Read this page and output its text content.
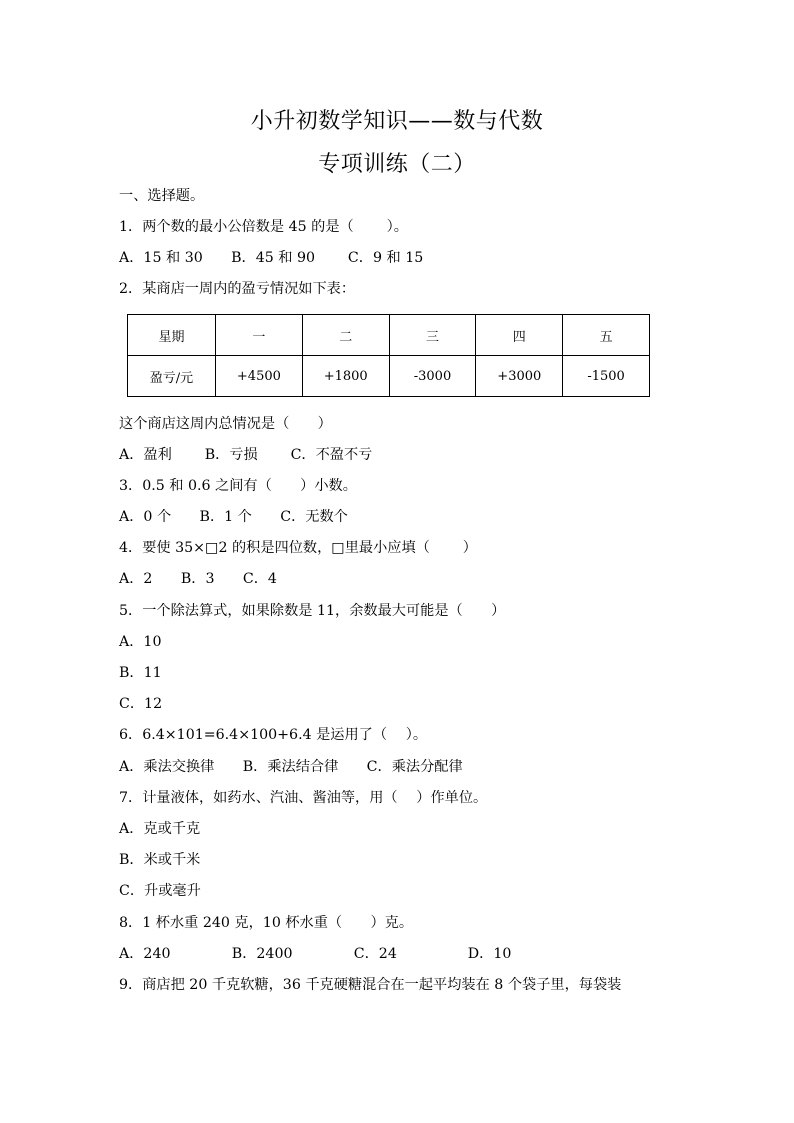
小升初数学知识——数与代数
专项训练（二）
一、选择题。
1．两个数的最小公倍数是 45 的是（　　 ）。
A．15 和 30　　B．45 和 90　　 C．9 和 15
2．某商店一周内的盈亏情况如下表：
星期	一	二	三	四	五
盈亏/元	+4500	+1800	-3000	+3000	-1500
这个商店这周内总情况是（　　）
A．盈利　　 B．亏损　　 C．不盈不亏
3．0.5 和 0.6 之间有（　　）小数。
A．0 个　　B．1 个　　C．无数个
4．要使 35×□2 的积是四位数，□里最小应填（　　 ）
A．2　　B．3　　C．4
5．一个除法算式，如果除数是 11，余数最大可能是（　　）
A．10
B．11
C．12
6．6.4×101=6.4×100+6.4 是运用了（　 ）。
A．乘法交换律　　B．乘法结合律　　C．乘法分配律
7．计量液体，如药水、汽油、酱油等，用（　 ）作单位。
A．克或千克
B．米或千米
C．升或毫升
8．1 杯水重 240 克，10 杯水重（　　）克。
A．240　　　　 B．2400　　　　 C．24　　　　　D．10
9．商店把 20 千克软糖，36 千克硬糖混合在一起平均装在 8 个袋子里，每袋装
